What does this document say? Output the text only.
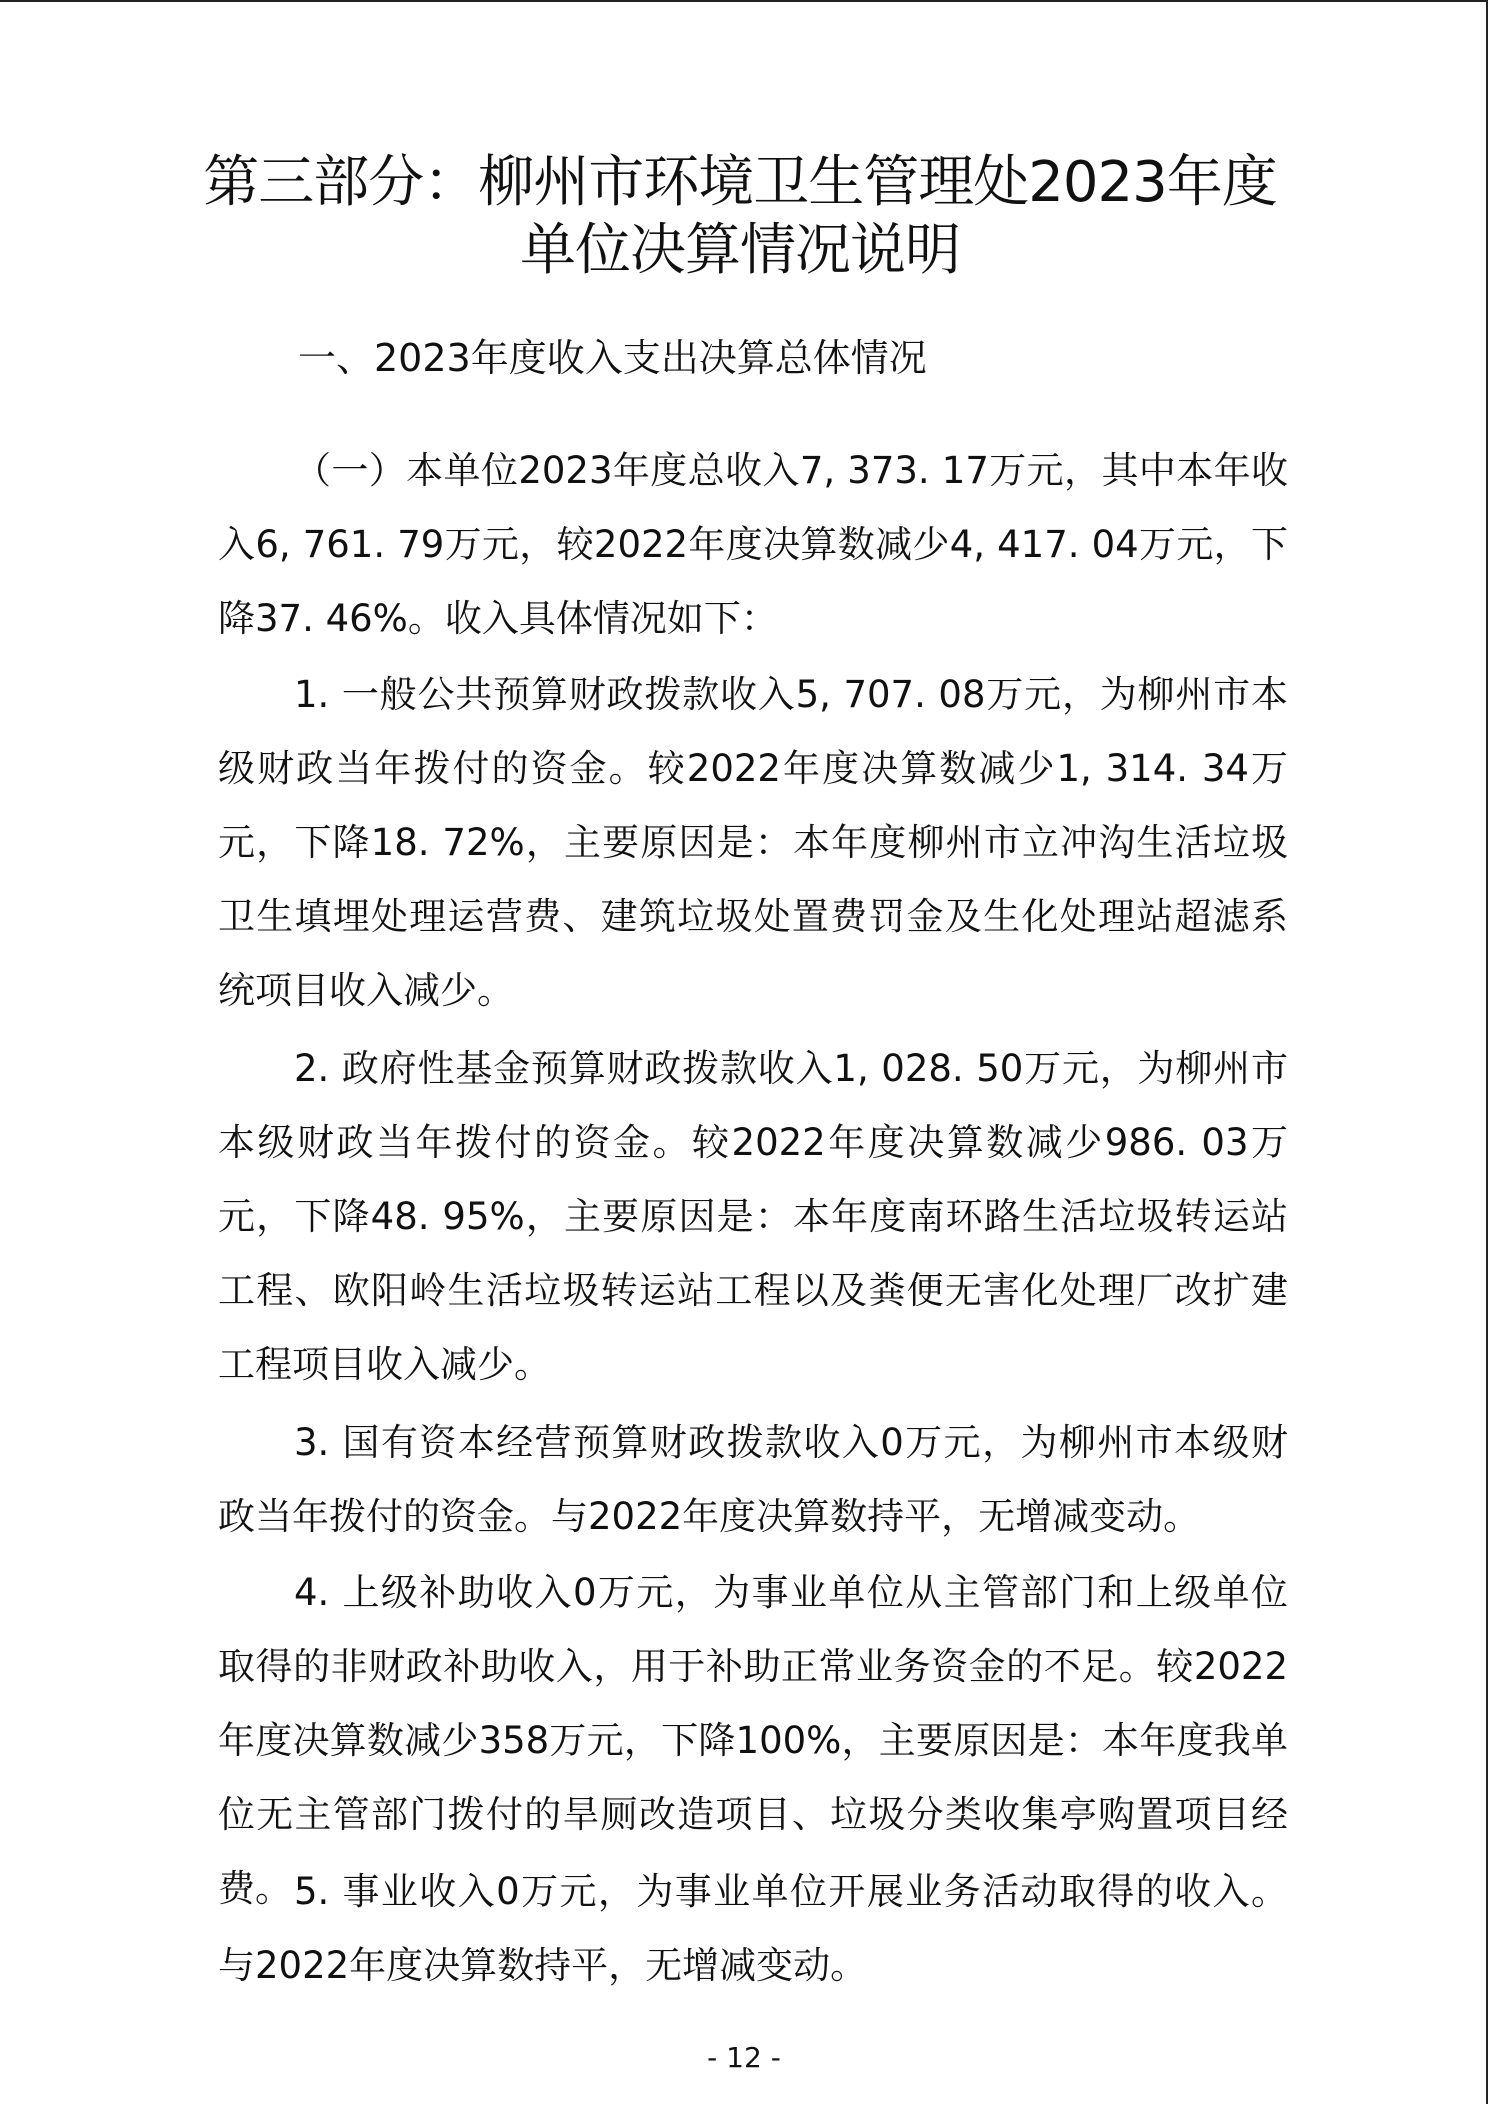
第三部分：柳州市环境卫生管理处2023年度
单位决算情况说明
一、2023年度收入支出决算总体情况
（一）本单位2023年度总收入7, 373. 17万元，其中本年收入6, 761. 79万元，较2022年度决算数减少4, 417. 04万元，下降37. 46%。收入具体情况如下：
1. 一般公共预算财政拨款收入5, 707. 08万元，为柳州市本级财政当年拨付的资金。较2022年度决算数减少1, 314. 34万元，下降18. 72%，主要原因是：本年度柳州市立冲沟生活垃圾卫生填埋处理运营费、建筑垃圾处置费罚金及生化处理站超滤系统项目收入减少。
2. 政府性基金预算财政拨款收入1, 028. 50万元，为柳州市本级财政当年拨付的资金。较2022年度决算数减少986. 03万元，下降48. 95%，主要原因是：本年度南环路生活垃圾转运站工程、欧阳岭生活垃圾转运站工程以及粪便无害化处理厂改扩建工程项目收入减少。
3. 国有资本经营预算财政拨款收入0万元，为柳州市本级财政当年拨付的资金。与2022年度决算数持平，无增减变动。
4. 上级补助收入0万元，为事业单位从主管部门和上级单位取得的非财政补助收入，用于补助正常业务资金的不足。较2022年度决算数减少358万元，下降100%，主要原因是：本年度我单位无主管部门拨付的旱厕改造项目、垃圾分类收集亭购置项目经费。 5. 事业收入0万元，为事业单位开展业务活动取得的收入。与2022年度决算数持平，无增减变动。
- 12 -
